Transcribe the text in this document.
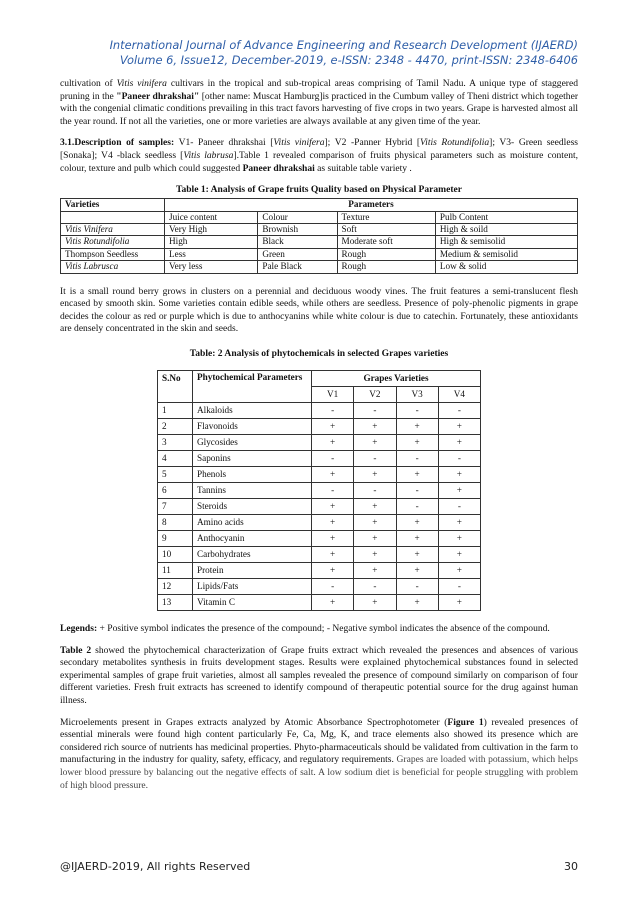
International Journal of Advance Engineering and Research Development (IJAERD)
Volume 6, Issue12, December-2019, e-ISSN: 2348 - 4470, print-ISSN: 2348-6406

cultivation of Vitis vinifera cultivars in the tropical and sub-tropical areas comprising of Tamil Nadu. A unique type of staggered pruning in the "Paneer dhrakshai" [other name: Muscat Hamburg]is practiced in the Cumbum valley of Theni district which together with the congenial climatic conditions prevailing in this tract favors harvesting of five crops in two years. Grape is harvested almost all the year round. If not all the varieties, one or more varieties are always available at any given time of the year.

3.1.Description of samples: V1- Paneer dhrakshai [Vitis vinifera]; V2 -Panner Hybrid [Vitis Rotundifolia]; V3- Green seedless [Sonaka]; V4 -black seedless [Vitis labrusa].Table 1 revealed comparison of fruits physical parameters such as moisture content, colour, texture and pulb which could suggested Paneer dhrakshai as suitable table variety .

Table 1: Analysis of Grape fruits Quality based on Physical Parameter
Varieties	Parameters			
	Juice content	Colour	Texture	Pulb Content
Vitis Vinifera	Very High	Brownish	Soft	High & soild
Vitis Rotundifolia	High	Black	Moderate soft	High & semisolid
Thompson Seedless	Less	Green	Rough	Medium & semisolid
Vitis Labrusca	Very less	Pale Black	Rough	Low & solid

It is a small round berry grows in clusters on a perennial and deciduous woody vines. The fruit features a semi-translucent flesh encased by smooth skin. Some varieties contain edible seeds, while others are seedless. Presence of poly-phenolic pigments in grape decides the colour as red or purple which is due to anthocyanins while white colour is due to catechin. Fortunately, these antioxidants are densely concentrated in the skin and seeds.

Table: 2 Analysis of phytochemicals in selected Grapes varieties
S.No	Phytochemical Parameters	Grapes Varieties			
		V1	V2	V3	V4
1	Alkaloids	-	-	-	-
2	Flavonoids	+	+	+	+
3	Glycosides	+	+	+	+
4	Saponins	-	-	-	-
5	Phenols	+	+	+	+
6	Tannins	-	-	-	+
7	Steroids	+	+	-	-
8	Amino acids	+	+	+	+
9	Anthocyanin	+	+	+	+
10	Carbohydrates	+	+	+	+
11	Protein	+	+	+	+
12	Lipids/Fats	-	-	-	-
13	Vitamin C	+	+	+	+

Legends: + Positive symbol indicates the presence of the compound; - Negative symbol indicates the absence of the compound.

Table 2 showed the phytochemical characterization of Grape fruits extract which revealed the presences and absences of various secondary metabolites synthesis in fruits development stages. Results were explained phytochemical substances found in selected experimental samples of grape fruit varieties, almost all samples revealed the presence of compound similarly on comparison of four different varieties. Fresh fruit extracts has screened to identify compound of therapeutic potential source for the drug against human illness.

Microelements present in Grapes extracts analyzed by Atomic Absorbance Spectrophotometer (Figure 1) revealed presences of essential minerals were found high content particularly Fe, Ca, Mg, K, and trace elements also showed its presence which are considered rich source of nutrients has medicinal properties. Phyto-pharmaceuticals should be validated from cultivation in the farm to manufacturing in the industry for quality, safety, efficacy, and regulatory requirements. Grapes are loaded with potassium, which helps lower blood pressure by balancing out the negative effects of salt. A low sodium diet is beneficial for people struggling with problem of high blood pressure.

@IJAERD-2019, All rights Reserved	30
